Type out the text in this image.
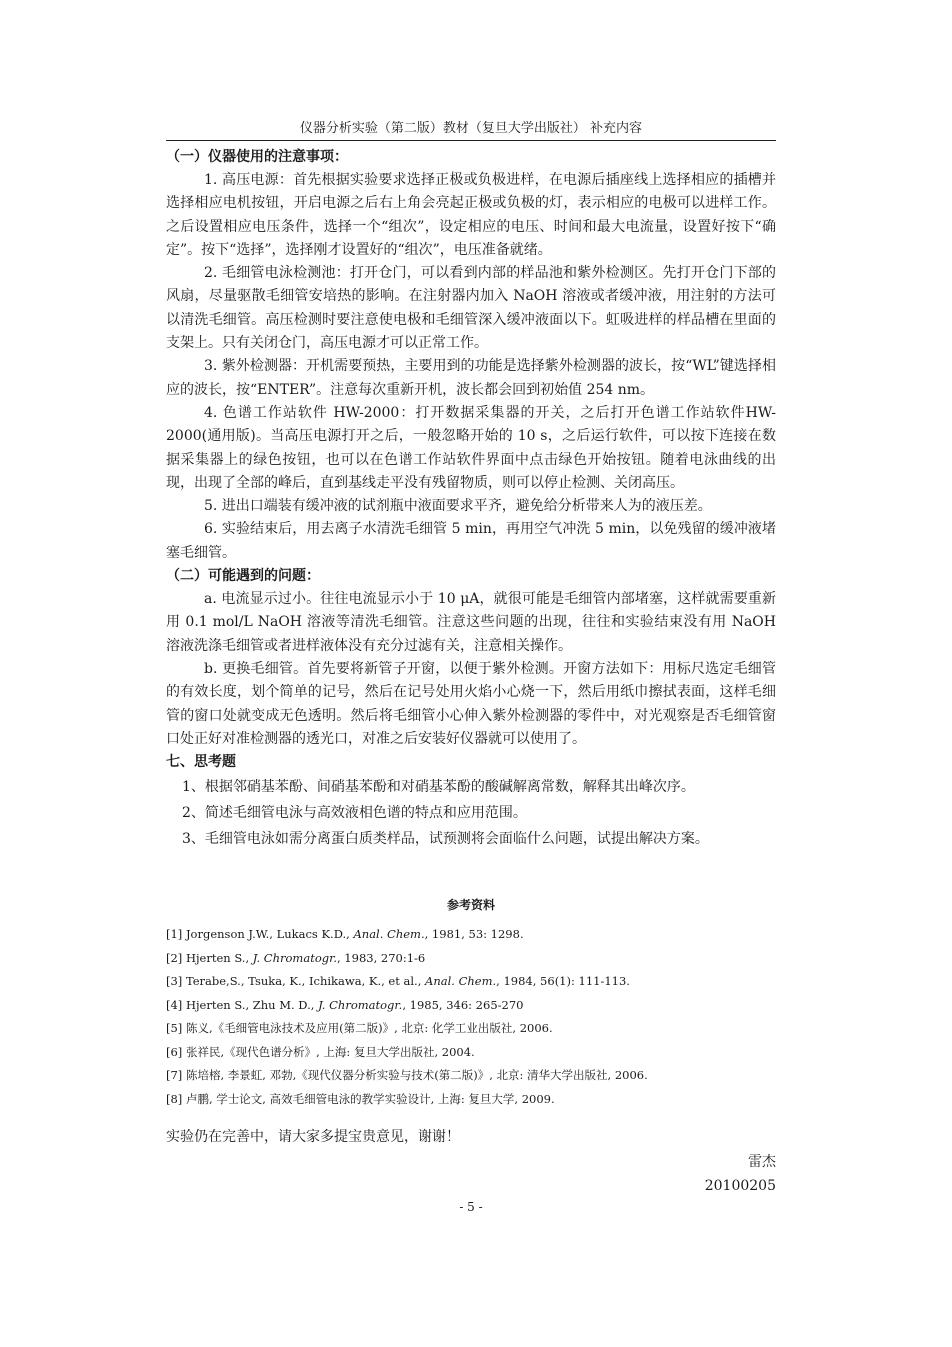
仪器分析实验（第二版）教材（复旦大学出版社） 补充内容
（一）仪器使用的注意事项：

1. 高压电源：首先根据实验要求选择正极或负极进样，在电源后插座线上选择相应的插槽并选择相应电机按钮，开启电源之后右上角会亮起正极或负极的灯，表示相应的电极可以进样工作。之后设置相应电压条件，选择一个“组次”，设定相应的电压、时间和最大电流量，设置好按下“确定”。按下“选择”，选择刚才设置好的“组次”，电压准备就绪。

2. 毛细管电泳检测池：打开仓门，可以看到内部的样品池和紫外检测区。先打开仓门下部的风扇，尽量驱散毛细管安培热的影响。在注射器内加入 NaOH 溶液或者缓冲液，用注射的方法可以清洗毛细管。高压检测时要注意使电极和毛细管深入缓冲液面以下。虹吸进样的样品槽在里面的支架上。只有关闭仓门，高压电源才可以正常工作。

3. 紫外检测器：开机需要预热，主要用到的功能是选择紫外检测器的波长，按“WL”键选择相应的波长，按“ENTER”。注意每次重新开机，波长都会回到初始值 254 nm。

4. 色谱工作站软件 HW-2000：打开数据采集器的开关，之后打开色谱工作站软件HW-2000(通用版)。当高压电源打开之后，一般忽略开始的 10 s，之后运行软件，可以按下连接在数据采集器上的绿色按钮，也可以在色谱工作站软件界面中点击绿色开始按钮。随着电泳曲线的出现，出现了全部的峰后，直到基线走平没有残留物质，则可以停止检测、关闭高压。

5. 进出口端装有缓冲液的试剂瓶中液面要求平齐，避免给分析带来人为的液压差。

6. 实验结束后，用去离子水清洗毛细管 5 min，再用空气冲洗 5 min，以免残留的缓冲液堵塞毛细管。

（二）可能遇到的问题：

a. 电流显示过小。往往电流显示小于 10 μA，就很可能是毛细管内部堵塞，这样就需要重新用 0.1 mol/L NaOH 溶液等清洗毛细管。注意这些问题的出现，往往和实验结束没有用 NaOH 溶液洗涤毛细管或者进样液体没有充分过滤有关，注意相关操作。

b. 更换毛细管。首先要将新管子开窗，以便于紫外检测。开窗方法如下：用标尺选定毛细管的有效长度，划个简单的记号，然后在记号处用火焰小心烧一下，然后用纸巾擦拭表面，这样毛细管的窗口处就变成无色透明。然后将毛细管小心伸入紫外检测器的零件中，对光观察是否毛细管窗口处正好对准检测器的透光口，对准之后安装好仪器就可以使用了。

七、思考题
1、根据邻硝基苯酚、间硝基苯酚和对硝基苯酚的酸碱解离常数，解释其出峰次序。
2、简述毛细管电泳与高效液相色谱的特点和应用范围。
3、毛细管电泳如需分离蛋白质类样品，试预测将会面临什么问题，试提出解决方案。
参考资料
[1] Jorgenson J.W., Lukacs K.D., Anal. Chem., 1981, 53: 1298.
[2] Hjerten S., J. Chromatogr., 1983, 270:1-6
[3] Terabe,S., Tsuka, K., Ichikawa, K., et al., Anal. Chem., 1984, 56(1): 111-113.
[4] Hjerten S., Zhu M. D., J. Chromatogr., 1985, 346: 265-270
[5] 陈义,《毛细管电泳技术及应用(第二版)》, 北京: 化学工业出版社, 2006.
[6] 张祥民,《现代色谱分析》, 上海: 复旦大学出版社, 2004.
[7] 陈培榕, 李景虹, 邓勃,《现代仪器分析实验与技术(第二版)》, 北京: 清华大学出版社, 2006.
[8] 卢鹏, 学士论文, 高效毛细管电泳的教学实验设计, 上海: 复旦大学, 2009.
实验仍在完善中，请大家多提宝贵意见，谢谢！
雷杰
20100205
- 5 -
